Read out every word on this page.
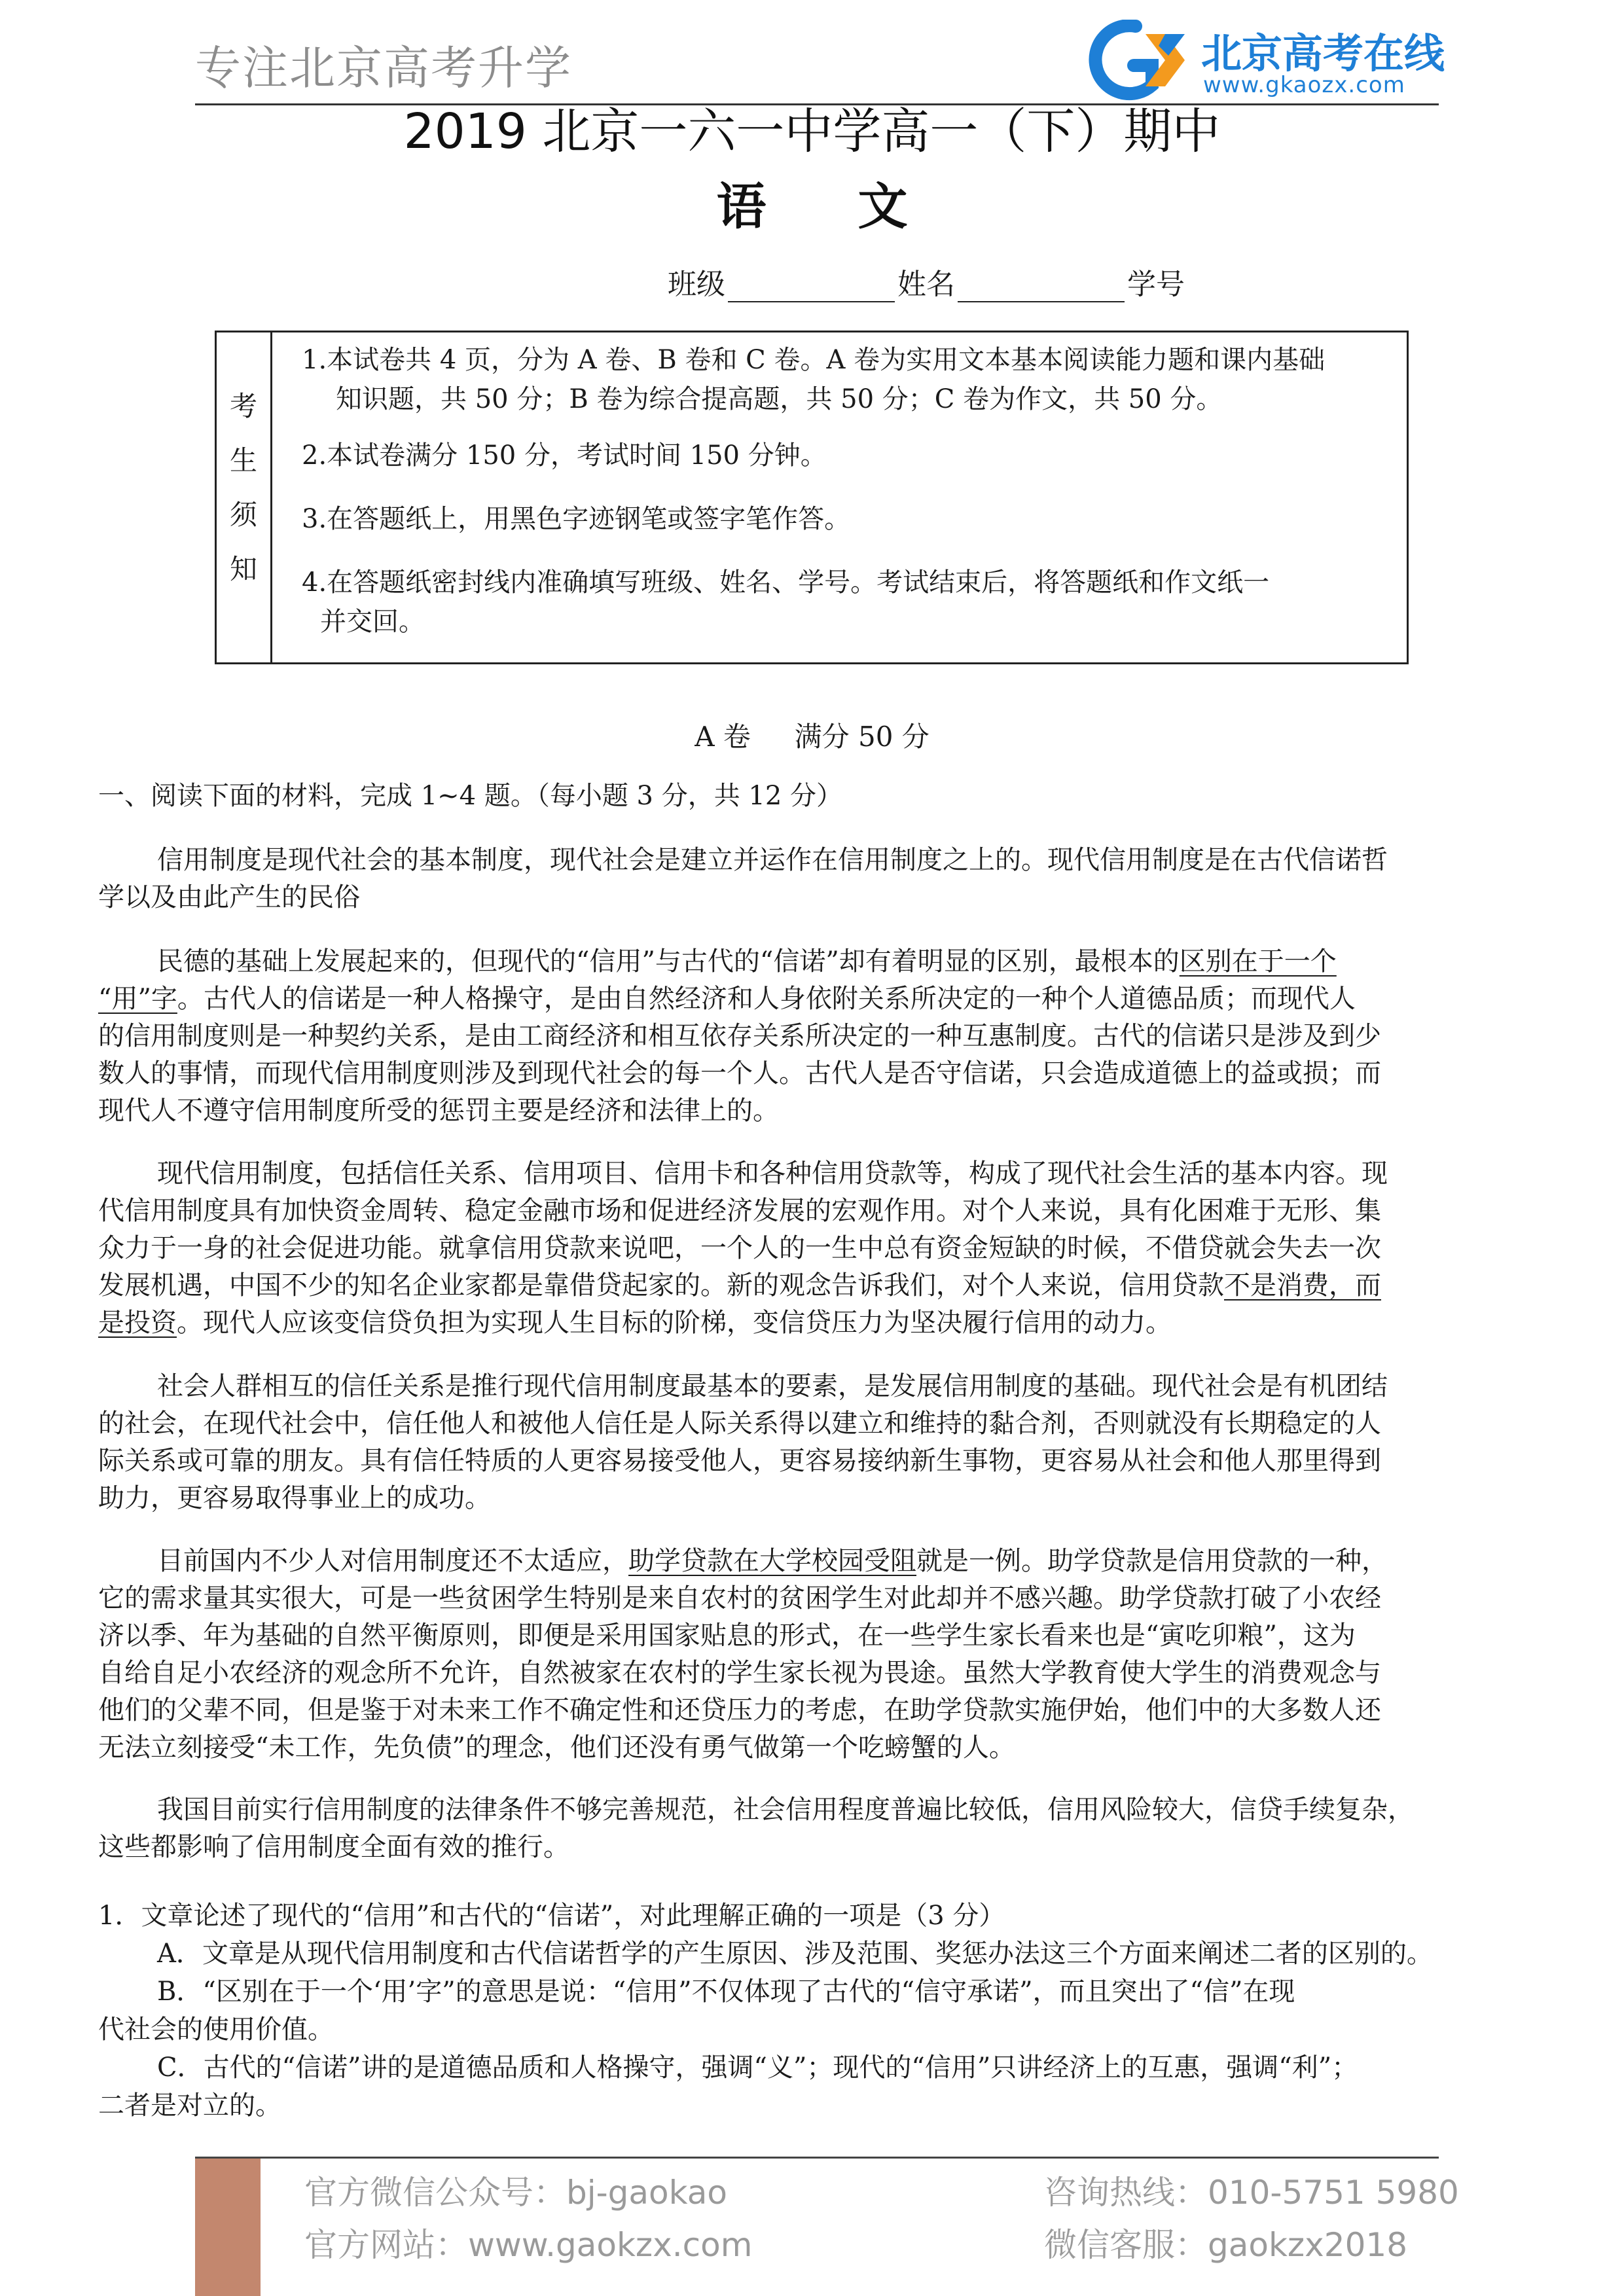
专注北京高考升学	北京高考在线
www.gkaozx.com
2019 北京一六一中学高一（下）期中
语文
班级	姓名	学号
考
生
须
知
1.本试卷共 4 页，分为 A 卷、B 卷和 C 卷。A 卷为实用文本基本阅读能力题和课内基础
知识题，共 50 分；B 卷为综合提高题，共 50 分；C 卷为作文，共 50 分。
2.本试卷满分 150 分，考试时间 150 分钟。
3.在答题纸上，用黑色字迹钢笔或签字笔作答。
4.在答题纸密封线内准确填写班级、姓名、学号。考试结束后，将答题纸和作文纸一
并交回。
A 卷     满分 50 分
一、阅读下面的材料，完成 1~4 题。（每小题 3 分，共 12 分）
信用制度是现代社会的基本制度，现代社会是建立并运作在信用制度之上的。现代信用制度是在古代信诺哲
学以及由此产生的民俗
民德的基础上发展起来的，但现代的“信用”与古代的“信诺”却有着明显的区别，最根本的区别在于一个
“用”字。古代人的信诺是一种人格操守，是由自然经济和人身依附关系所决定的一种个人道德品质；而现代人
的信用制度则是一种契约关系，是由工商经济和相互依存关系所决定的一种互惠制度。古代的信诺只是涉及到少
数人的事情，而现代信用制度则涉及到现代社会的每一个人。古代人是否守信诺，只会造成道德上的益或损；而
现代人不遵守信用制度所受的惩罚主要是经济和法律上的。
现代信用制度，包括信任关系、信用项目、信用卡和各种信用贷款等，构成了现代社会生活的基本内容。现
代信用制度具有加快资金周转、稳定金融市场和促进经济发展的宏观作用。对个人来说，具有化困难于无形、集
众力于一身的社会促进功能。就拿信用贷款来说吧，一个人的一生中总有资金短缺的时候，不借贷就会失去一次
发展机遇，中国不少的知名企业家都是靠借贷起家的。新的观念告诉我们，对个人来说，信用贷款不是消费，而
是投资。现代人应该变信贷负担为实现人生目标的阶梯，变信贷压力为坚决履行信用的动力。
社会人群相互的信任关系是推行现代信用制度最基本的要素，是发展信用制度的基础。现代社会是有机团结
的社会，在现代社会中，信任他人和被他人信任是人际关系得以建立和维持的黏合剂，否则就没有长期稳定的人
际关系或可靠的朋友。具有信任特质的人更容易接受他人，更容易接纳新生事物，更容易从社会和他人那里得到
助力，更容易取得事业上的成功。
目前国内不少人对信用制度还不太适应，助学贷款在大学校园受阻就是一例。助学贷款是信用贷款的一种，
它的需求量其实很大，可是一些贫困学生特别是来自农村的贫困学生对此却并不感兴趣。助学贷款打破了小农经
济以季、年为基础的自然平衡原则，即便是采用国家贴息的形式，在一些学生家长看来也是“寅吃卯粮”，这为
自给自足小农经济的观念所不允许，自然被家在农村的学生家长视为畏途。虽然大学教育使大学生的消费观念与
他们的父辈不同，但是鉴于对未来工作不确定性和还贷压力的考虑，在助学贷款实施伊始，他们中的大多数人还
无法立刻接受“未工作，先负债”的理念，他们还没有勇气做第一个吃螃蟹的人。
我国目前实行信用制度的法律条件不够完善规范，社会信用程度普遍比较低，信用风险较大，信贷手续复杂，
这些都影响了信用制度全面有效的推行。
1．文章论述了现代的“信用”和古代的“信诺”，对此理解正确的一项是（3 分）
A．文章是从现代信用制度和古代信诺哲学的产生原因、涉及范围、奖惩办法这三个方面来阐述二者的区别的。
B．“区别在于一个‘用’字”的意思是说：“信用”不仅体现了古代的“信守承诺”，而且突出了“信”在现
代社会的使用价值。
C．古代的“信诺”讲的是道德品质和人格操守，强调“义”；现代的“信用”只讲经济上的互惠，强调“利”；
二者是对立的。
官方微信公众号：bj-gaokao
官方网站：www.gaokzx.com
咨询热线：010-5751 5980
微信客服：gaokzx2018
